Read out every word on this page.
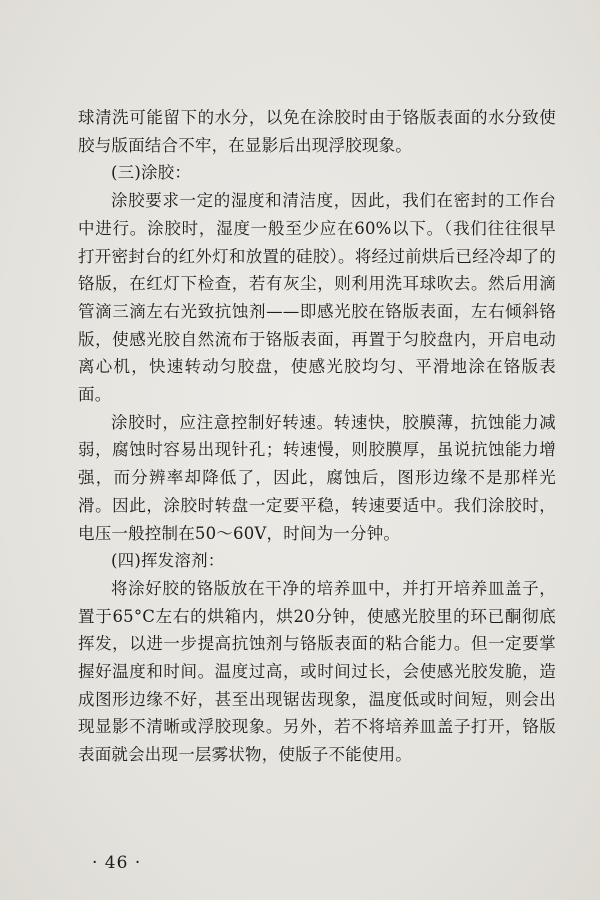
球清洗可能留下的水分，以免在涂胶时由于铬版表面的水分致使胶与版面结合不牢，在显影后出现浮胶现象。

(三)涂胶：

涂胶要求一定的湿度和清洁度，因此，我们在密封的工作台中进行。涂胶时，湿度一般至少应在60%以下。（我们往往很早打开密封台的红外灯和放置的硅胶）。将经过前烘后已经冷却了的铬版，在红灯下检查，若有灰尘，则利用洗耳球吹去。然后用滴管滴三滴左右光致抗蚀剂——即感光胶在铬版表面，左右倾斜铬版，使感光胶自然流布于铬版表面，再置于匀胶盘内，开启电动离心机，快速转动匀胶盘，使感光胶均匀、平滑地涂在铬版表面。

涂胶时，应注意控制好转速。转速快，胶膜薄，抗蚀能力减弱，腐蚀时容易出现针孔；转速慢，则胶膜厚，虽说抗蚀能力增强，而分辨率却降低了，因此，腐蚀后，图形边缘不是那样光滑。因此，涂胶时转盘一定要平稳，转速要适中。我们涂胶时，电压一般控制在50～60V，时间为一分钟。

(四)挥发溶剂：

将涂好胶的铬版放在干净的培养皿中，并打开培养皿盖子，置于65°C左右的烘箱内，烘20分钟，使感光胶里的环已酮彻底挥发，以进一步提高抗蚀剂与铬版表面的粘合能力。但一定要掌握好温度和时间。温度过高，或时间过长，会使感光胶发脆，造成图形边缘不好，甚至出现锯齿现象，温度低或时间短，则会出现显影不清晰或浮胶现象。另外，若不将培养皿盖子打开，铬版表面就会出现一层雾状物，使版子不能使用。

· 46 ·
